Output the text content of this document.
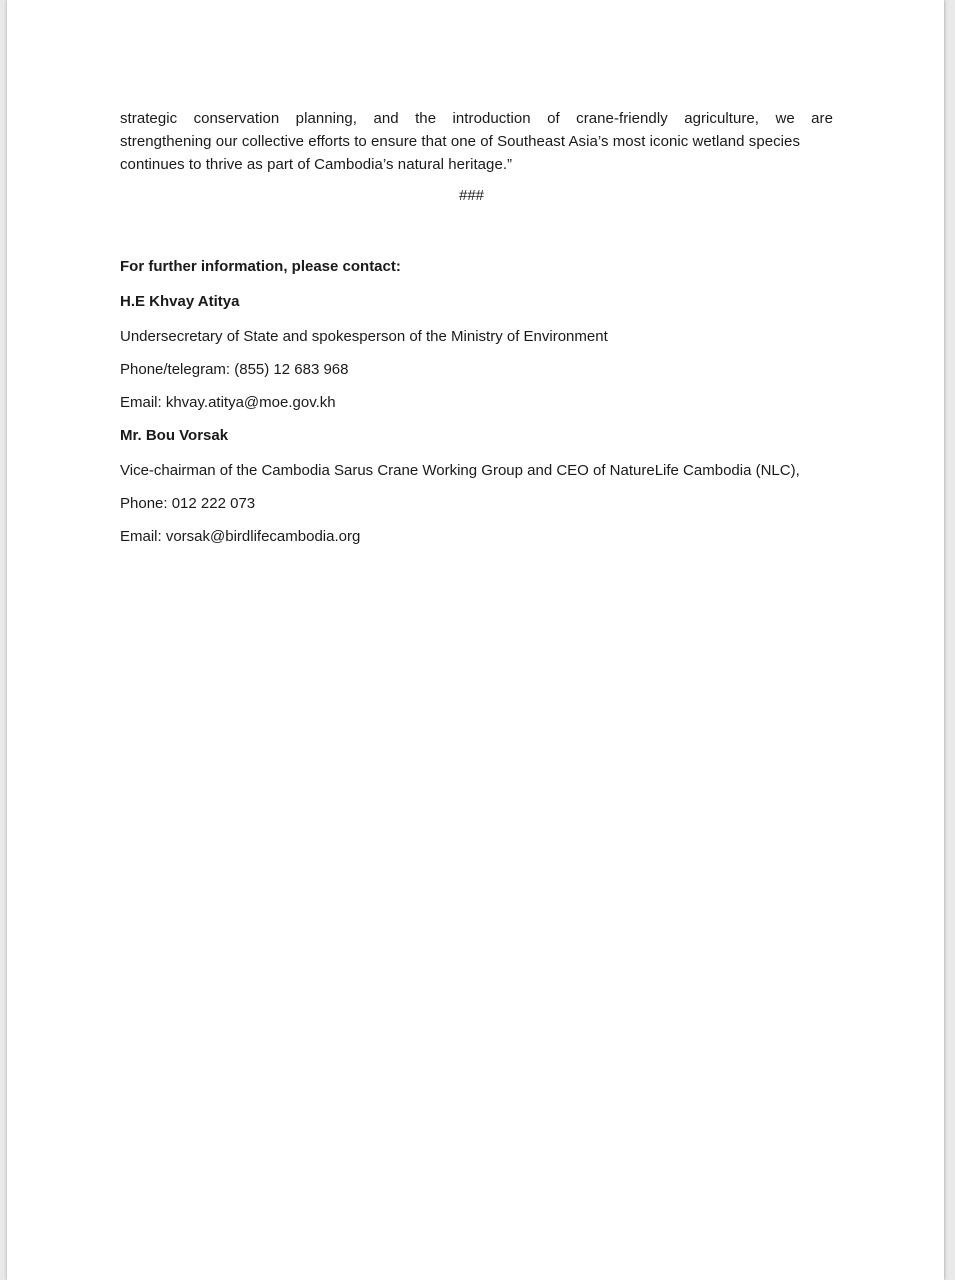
strategic conservation planning, and the introduction of crane-friendly agriculture, we are
strengthening our collective efforts to ensure that one of Southeast Asia’s most iconic wetland species
continues to thrive as part of Cambodia’s natural heritage.”

###

For further information, please contact:

H.E Khvay Atitya

Undersecretary of State and spokesperson of the Ministry of Environment

Phone/telegram: (855) 12 683 968

Email: khvay.atitya@moe.gov.kh

Mr. Bou Vorsak

Vice-chairman of the Cambodia Sarus Crane Working Group and CEO of NatureLife Cambodia (NLC),

Phone: 012 222 073

Email: vorsak@birdlifecambodia.org
